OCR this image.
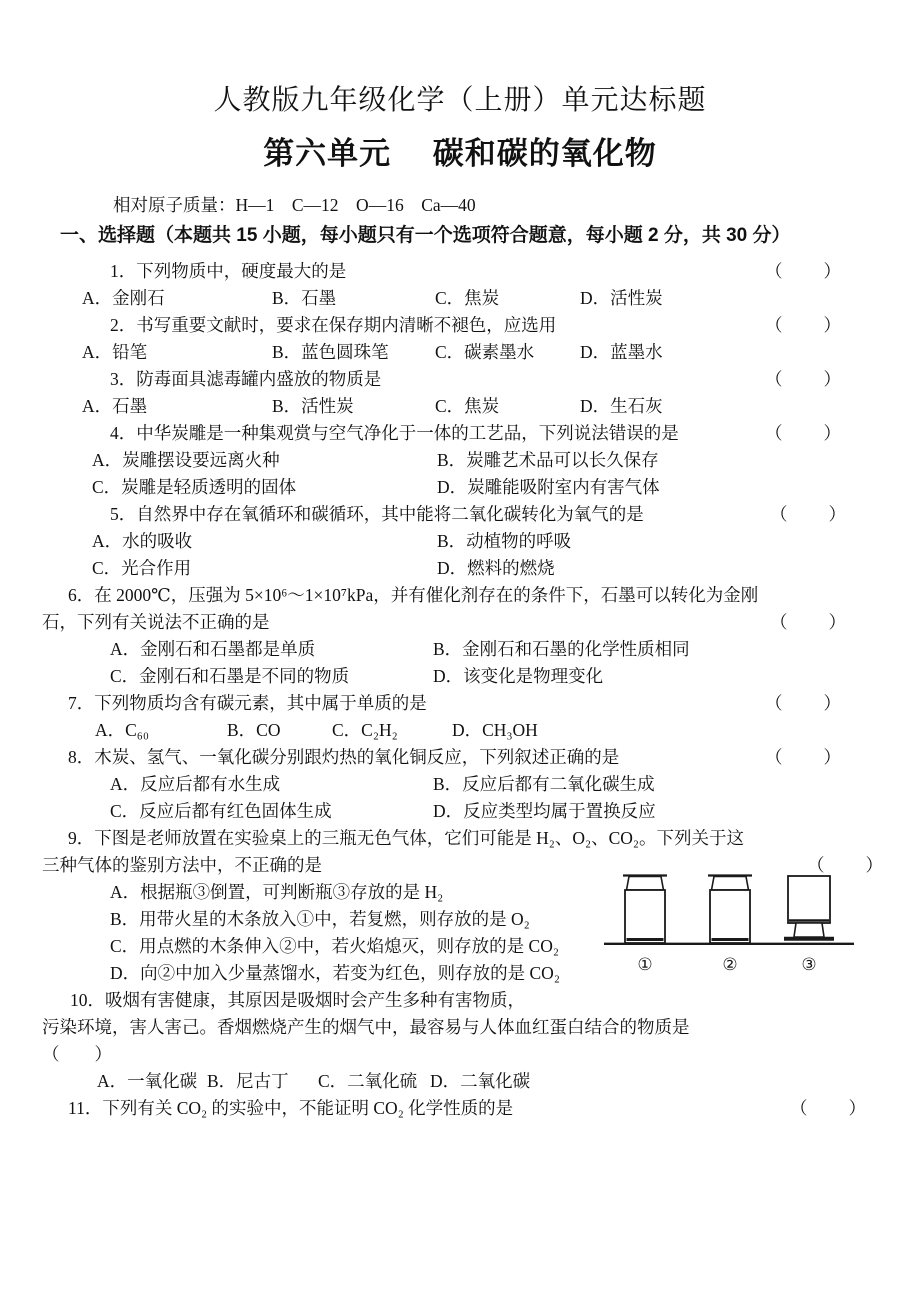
人教版九年级化学（上册）单元达标题
第六单元　 碳和碳的氧化物
相对原子质量：H—1　C—12　O—16　Ca—40
一、选择题（本题共 15 小题，每小题只有一个选项符合题意，每小题 2 分，共 30 分）
1．下列物质中，硬度最大的是	（　　）
A．金刚石	B．石墨	C．焦炭	D．活性炭
2．书写重要文献时，要求在保存期内清晰不褪色，应选用	（　　）
A．铅笔	B．蓝色圆珠笔	C．碳素墨水	D．蓝墨水
3．防毒面具滤毒罐内盛放的物质是	（　　）
A．石墨	B．活性炭	C．焦炭	D．生石灰
4．中华炭雕是一种集观赏与空气净化于一体的工艺品，下列说法错误的是	（　　）
A．炭雕摆设要远离火种	B．炭雕艺术品可以长久保存
C．炭雕是轻质透明的固体	D．炭雕能吸附室内有害气体
5．自然界中存在氧循环和碳循环，其中能将二氧化碳转化为氧气的是	（　　）
A．水的吸收	B．动植物的呼吸
C．光合作用	D．燃料的燃烧
6．在 2000℃，压强为 5×10⁶～1×10⁷kPa，并有催化剂存在的条件下，石墨可以转化为金刚
石，下列有关说法不正确的是	（　　）
A．金刚石和石墨都是单质	B．金刚石和石墨的化学性质相同
C．金刚石和石墨是不同的物质	D．该变化是物理变化
7．下列物质均含有碳元素，其中属于单质的是	（　　）
A．C₆₀	B．CO	C．C₂H₂	D．CH₃OH
8．木炭、氢气、一氧化碳分别跟灼热的氧化铜反应，下列叙述正确的是	（　　）
A．反应后都有水生成	B．反应后都有二氧化碳生成
C．反应后都有红色固体生成	D．反应类型均属于置换反应
9．下图是老师放置在实验桌上的三瓶无色气体，它们可能是 H₂、O₂、CO₂。下列关于这
三种气体的鉴别方法中，不正确的是	（　　）
A．根据瓶③倒置，可判断瓶③存放的是 H₂
B．用带火星的木条放入①中，若复燃，则存放的是 O₂
C．用点燃的木条伸入②中，若火焰熄灭，则存放的是 CO₂
D．向②中加入少量蒸馏水，若变为红色，则存放的是 CO₂
10．吸烟有害健康，其原因是吸烟时会产生多种有害物质，
污染环境，害人害己。香烟燃烧产生的烟气中，最容易与人体血红蛋白结合的物质是
（　　）
A．一氧化碳 B．尼古丁 C．二氧化硫 D．二氧化碳
11．下列有关 CO₂ 的实验中，不能证明 CO₂ 化学性质的是	（　　）
①	②	③
